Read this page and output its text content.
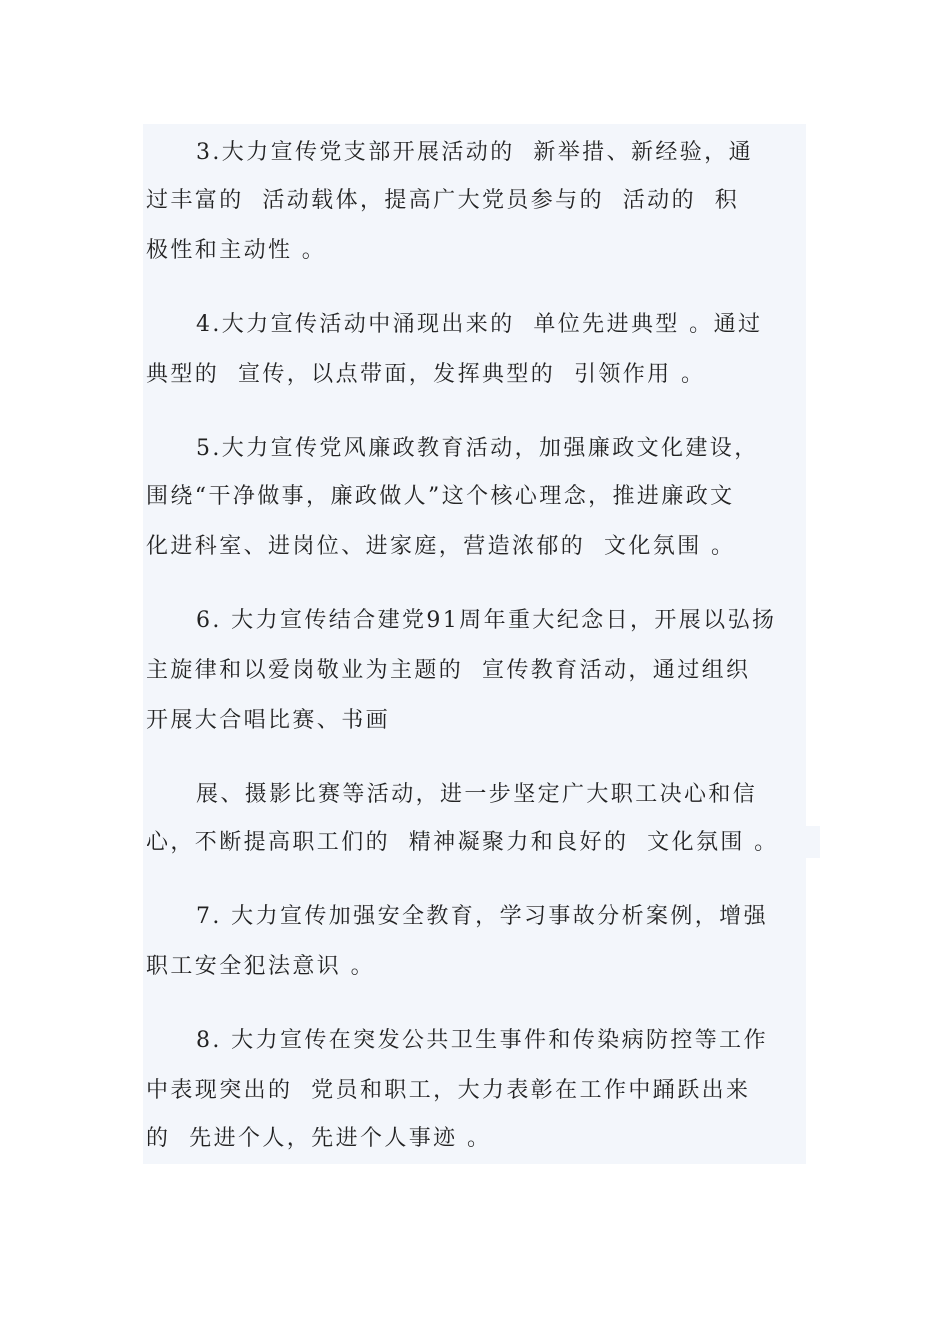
3.大力宣传党支部开展活动的  新举措、新经验，通
过丰富的  活动载体，提高广大党员参与的  活动的  积
极性和主动性 。
4.大力宣传活动中涌现出来的  单位先进典型 。通过
典型的  宣传，以点带面，发挥典型的  引领作用 。
5.大力宣传党风廉政教育活动，加强廉政文化建设，
围绕“干净做事，廉政做人”这个核心理念，推进廉政文
化进科室、进岗位、进家庭，营造浓郁的  文化氛围 。
6. 大力宣传结合建党91周年重大纪念日，开展以弘扬
主旋律和以爱岗敬业为主题的  宣传教育活动，通过组织
开展大合唱比赛、书画
展、摄影比赛等活动，进一步坚定广大职工决心和信
心，不断提高职工们的  精神凝聚力和良好的  文化氛围 。
7. 大力宣传加强安全教育，学习事故分析案例，增强
职工安全犯法意识 。
8. 大力宣传在突发公共卫生事件和传染病防控等工作
中表现突出的  党员和职工，大力表彰在工作中踊跃出来
的  先进个人，先进个人事迹 。
